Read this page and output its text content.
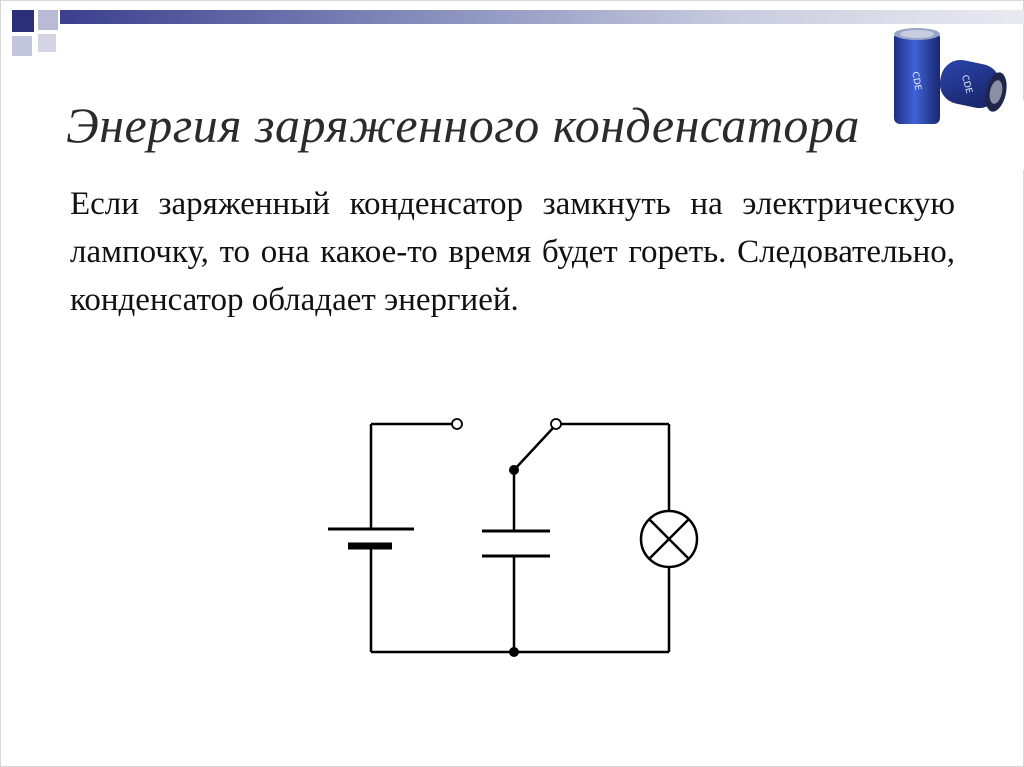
Энергия заряженного конденсатора

Если заряженный конденсатор замкнуть на электрическую лампочку, то она какое-то время будет гореть. Следовательно, конденсатор обладает энергией.

CDE	CDE
